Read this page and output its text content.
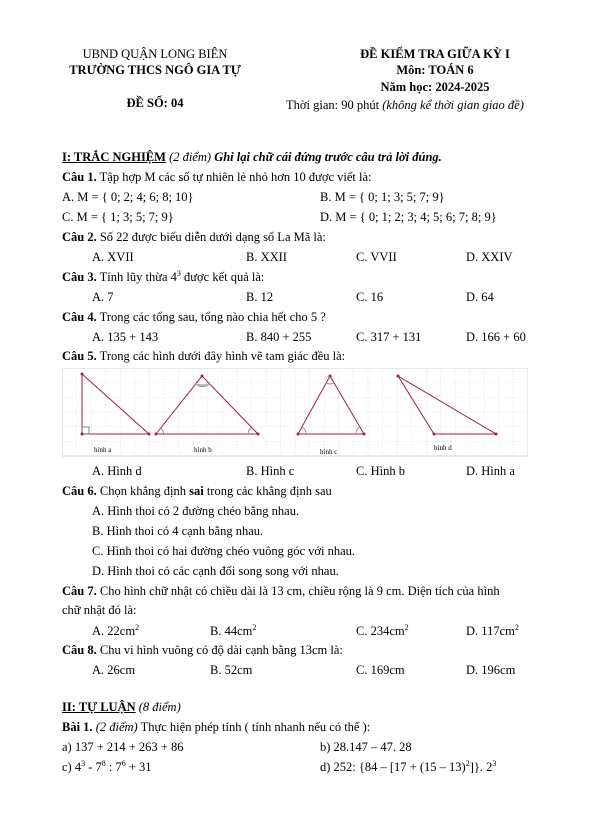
UBND QUẬN LONG BIÊN
TRƯỜNG THCS NGÔ GIA TỰ
ĐỀ SỐ: 04
ĐỀ KIỂM TRA GIỮA KỲ I
Môn: TOÁN 6
Năm học: 2024-2025
Thời gian: 90 phút (không kể thời gian giao đề)
I: TRẮC NGHIỆM (2 điểm) Ghi lại chữ cái đứng trước câu trả lời đúng.
Câu 1. Tập hợp M các số tự nhiên lẻ nhỏ hơn 10 được viết là:
A. M = { 0; 2; 4; 6; 8; 10}	B. M = { 0; 1; 3; 5; 7; 9}
C. M = { 1; 3; 5; 7; 9}	D. M = { 0; 1; 2; 3; 4; 5; 6; 7; 8; 9}
Câu 2. Số 22 được biểu diễn dưới dạng số La Mã là:
A. XVII	B. XXII	C. VVII	D. XXIV
Câu 3. Tính lũy thừa $4^3$ được kết quả là:
A. 7	B. 12	C. 16	D. 64
Câu 4. Trong các tổng sau, tổng nào chia hết cho 5 ?
A. 135 + 143	B. 840 + 255	C. 317 + 131	D. 166 + 60
Câu 5. Trong các hình dưới đây hình vẽ tam giác đều là:
hình a	hình b	hình c	hình d
A. Hình d	B. Hình c	C. Hình b	D. Hình a
Câu 6. Chọn khẳng định sai trong các khẳng định sau
A. Hình thoi có 2 đường chéo bằng nhau.
B. Hình thoi có 4 cạnh bằng nhau.
C. Hình thoi có hai đường chéo vuông góc với nhau.
D. Hình thoi có các cạnh đối song song với nhau.
Câu 7. Cho hình chữ nhật có chiều dài là 13 cm, chiều rộng là 9 cm. Diện tích của hình
chữ nhật đó là:
A. $22cm^2$	B. $44cm^2$	C. $234cm^2$	D. $117cm^2$
Câu 8. Chu vi hình vuông có độ dài cạnh bằng 13cm là:
A. 26cm	B. 52cm	C. 169cm	D. 196cm
II: TỰ LUẬN (8 điểm)
Bài 1. (2 điểm) Thực hiện phép tính ( tính nhanh nếu có thể ):
a) 137 + 214 + 263 + 86	b) 28.147 – 47. 28
c) $4^3 - 7^8$ : $7^6 + 31$	d) 252: {84 – [17 + (15 – 13)$^2$]}. $2^3$
